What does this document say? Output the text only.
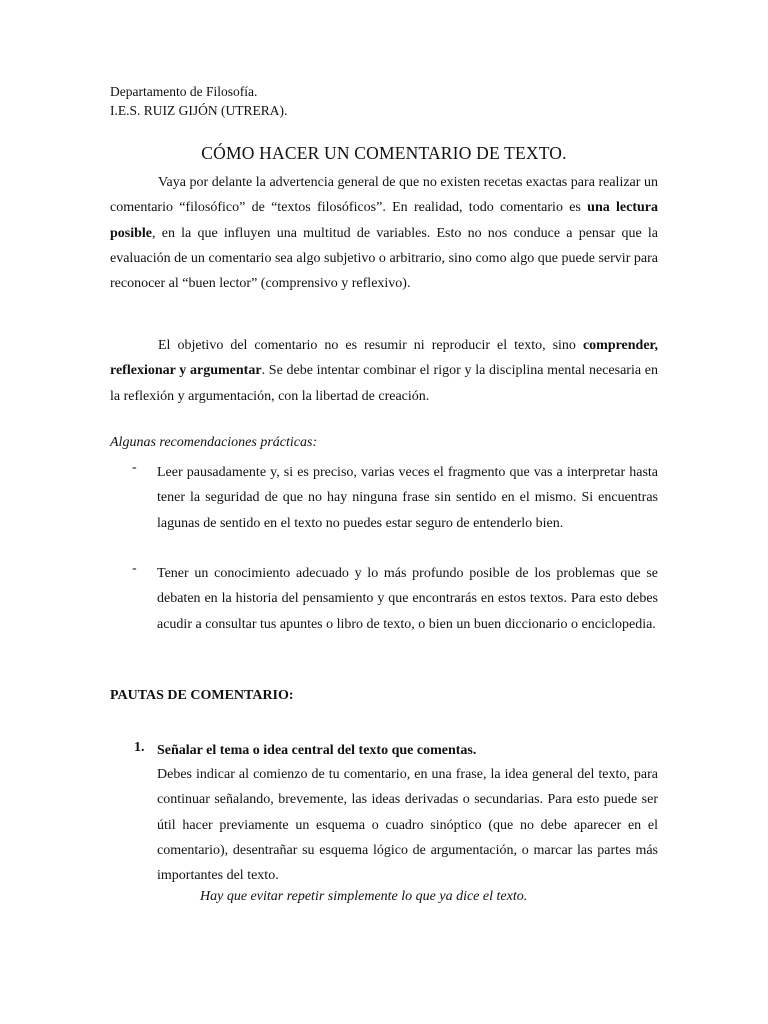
Departamento de Filosofía.
I.E.S. RUIZ GIJÓN (UTRERA).
CÓMO HACER UN COMENTARIO DE TEXTO.

Vaya por delante la advertencia general de que no existen recetas exactas para realizar un comentario “filosófico” de “textos filosóficos”. En realidad, todo comentario es una lectura posible, en la que influyen una multitud de variables. Esto no nos conduce a pensar que la evaluación de un comentario sea algo subjetivo o arbitrario, sino como algo que puede servir para reconocer al “buen lector” (comprensivo y reflexivo).

El objetivo del comentario no es resumir ni reproducir el texto, sino comprender, reflexionar y argumentar. Se debe intentar combinar el rigor y la disciplina mental necesaria en la reflexión y argumentación, con la libertad de creación.

Algunas recomendaciones prácticas:
- Leer pausadamente y, si es preciso, varias veces el fragmento que vas a interpretar hasta tener la seguridad de que no hay ninguna frase sin sentido en el mismo. Si encuentras lagunas de sentido en el texto no puedes estar seguro de entenderlo bien.
- Tener un conocimiento adecuado y lo más profundo posible de los problemas que se debaten en la historia del pensamiento y que encontrarás en estos textos. Para esto debes acudir a consultar tus apuntes o libro de texto, o bien un buen diccionario o enciclopedia.
PAUTAS DE COMENTARIO:
1. Señalar el tema o idea central del texto que comentas.
Debes indicar al comienzo de tu comentario, en una frase, la idea general del texto, para continuar señalando, brevemente, las ideas derivadas o secundarias. Para esto puede ser útil hacer previamente un esquema o cuadro sinóptico (que no debe aparecer en el comentario), desentrañar su esquema lógico de argumentación, o marcar las partes más importantes del texto.
Hay que evitar repetir simplemente lo que ya dice el texto.
